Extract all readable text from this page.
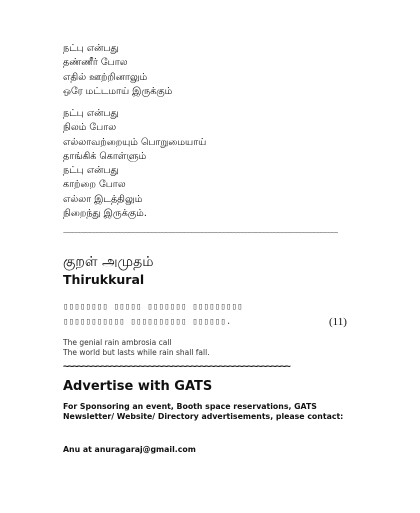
நட்பு என்பது
தண்ணீர் போல
எதில் ஊற்றினாலும்
ஒரே மட்டமாய் இருக்கும்
நட்பு என்பது
நிலம் போல
எல்லாவற்றையும் பொறுமையாய்
தாங்கிக் கொள்ளும்
நட்பு என்பது
காற்றை போல
எல்லா இடத்திலும்
நிறைந்து இருக்கும்.
~~~~~~~~~~~~~~~~~~~~~~~~~~~~~~~~~~~~~~~~~~~~~~~~~~~~~~~~~~~~~~~~~~~~~~~~~~~~
குறள் அமுதம்
Thirukkural
▯▯▯▯▯▯▯▯ ▯▯▯▯▯ ▯▯▯▯▯▯▯ ▯▯▯▯▯▯▯▯▯
▯▯▯▯▯▯▯▯▯▯▯ ▯▯▯▯▯▯▯▯▯▯ ▯▯▯▯▯▯.	(11)
The genial rain ambrosia call
The world but lasts while rain shall fall.
~~~~~~~~~~~~~~~~~~~~~~~~~~~~~~~~~~~~~~~~~~~~~~~~
Advertise with GATS
For Sponsoring an event, Booth space reservations, GATS Newsletter/ Website/ Directory advertisements, please contact:
Anu at anuragaraj@gmail.com
